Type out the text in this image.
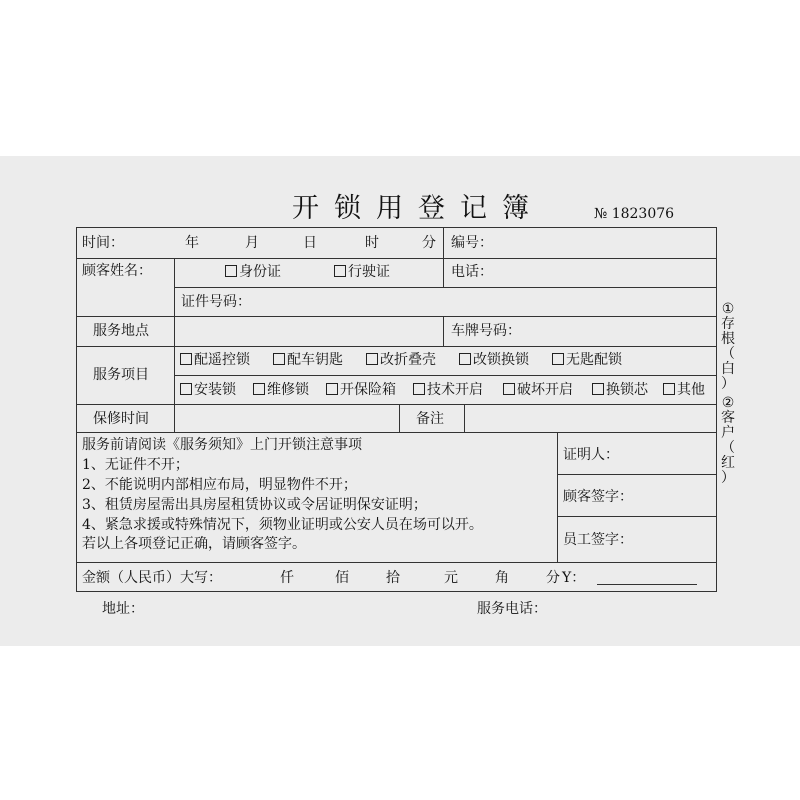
开锁用登记簿	№ 1823076
时间：	年	月	日	时	分 编号：
顾客姓名：	身份证	行驶证	电话：
证件号码：
服务地点	车牌号码：
服务项目
配遥控锁	配车钥匙	改折叠壳	改锁换锁	无匙配锁
安装锁	维修锁	开保险箱	技术开启	破坏开启	换锁芯	其他
保修时间	备注
服务前请阅读《服务须知》上门开锁注意事项
1、无证件不开；
2、不能说明内部相应布局，明显物件不开；
3、租赁房屋需出具房屋租赁协议或令居证明保安证明；
4、紧急求援或特殊情况下，须物业证明或公安人员在场可以开。
若以上各项登记正确，请顾客签字。
证明人：
顾客签字：
员工签字：
金额（人民币）大写：	仟	佰	拾	元	角	分 Y：
①
存
根
（
白
）
②
客
户
（
红
）
地址：	服务电话：
